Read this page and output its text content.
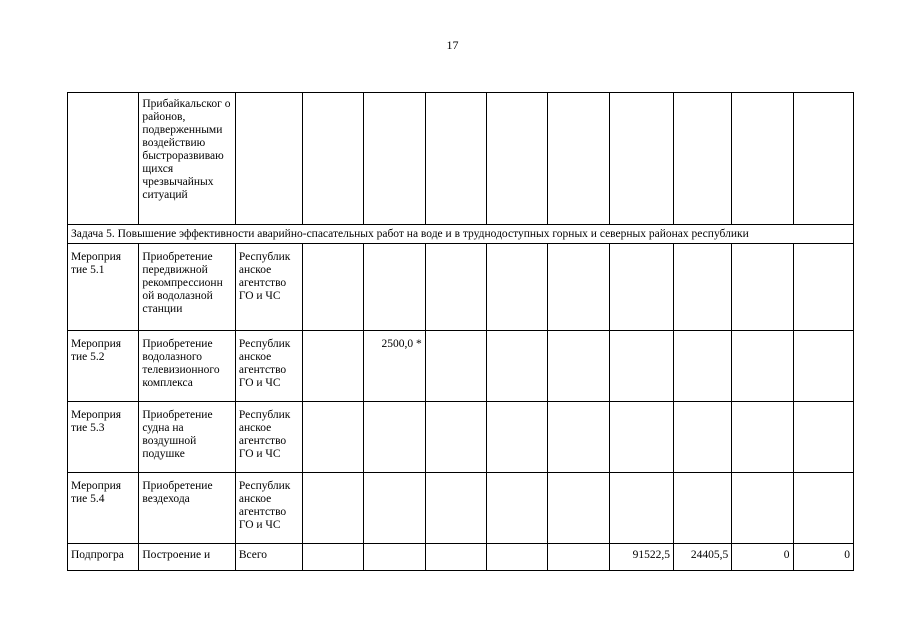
17
	Прибайкальског о районов, подверженными воздействию быстроразвиваю щихся чрезвычайных ситуаций										
Задача 5. Повышение эффективности аварийно-спасательных работ на воде и в труднодоступных горных и северных районах республики											
Мероприя тие 5.1	Приобретение передвижной рекомпрессионн ой водолазной станции	Республик анское агентство ГО и ЧС									
Мероприя тие 5.2	Приобретение водолазного телевизионного комплекса	Республик анское агентство ГО и ЧС		2500,0 *							
Мероприя тие 5.3	Приобретение судна на воздушной подушке	Республик анское агентство ГО и ЧС									
Мероприя тие 5.4	Приобретение вездехода	Республик анское агентство ГО и ЧС									
Подпрогра	Построение и	Всего						91522,5	24405,5	0	0
